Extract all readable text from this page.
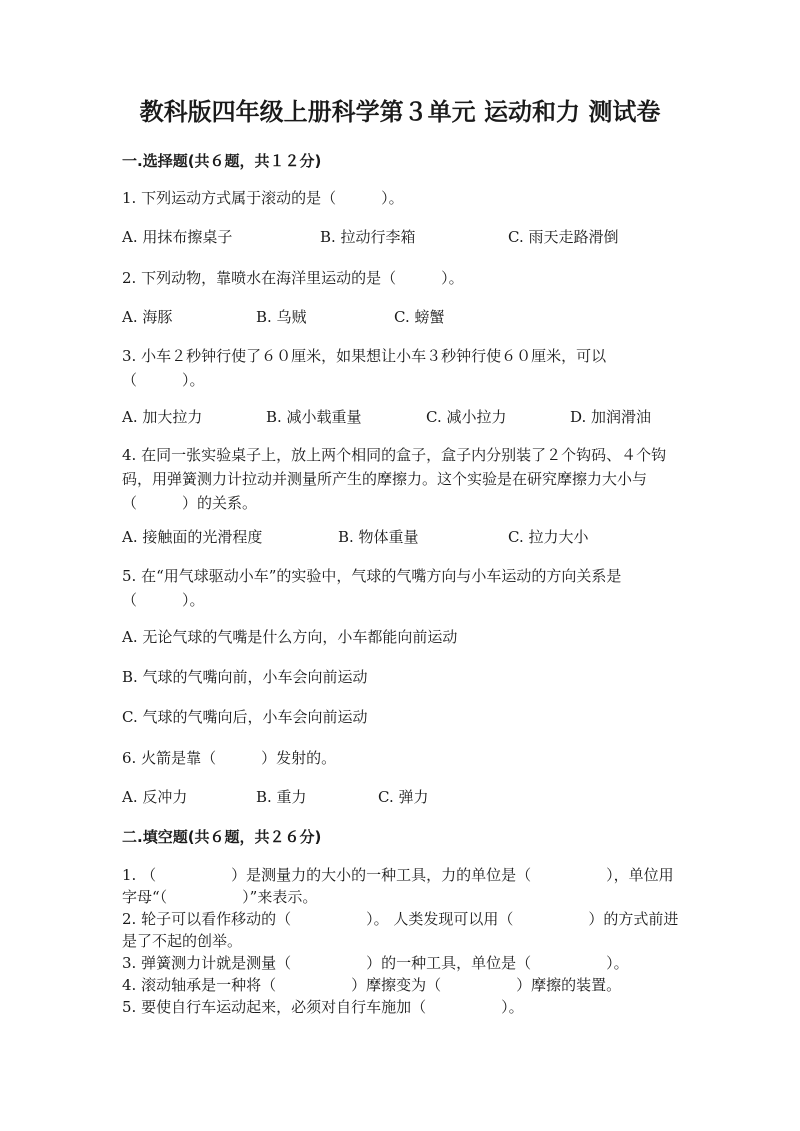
教科版四年级上册科学第３单元 运动和力 测试卷
一.选择题(共６题，共１２分)
1. 下列运动方式属于滚动的是（　　　）。
A. 用抹布擦桌子	B. 拉动行李箱	C. 雨天走路滑倒
2. 下列动物，靠喷水在海洋里运动的是（　　　）。
A. 海豚	B. 乌贼	C. 螃蟹
3. 小车２秒钟行使了６０厘米，如果想让小车３秒钟行使６０厘米，可以（　　　）。
A. 加大拉力	B. 减小载重量	C. 减小拉力	D. 加润滑油
4. 在同一张实验桌子上，放上两个相同的盒子，盒子内分别装了２个钩码、４个钩码，用弹簧测力计拉动并测量所产生的摩擦力。这个实验是在研究摩擦力大小与（　　　）的关系。
A. 接触面的光滑程度	B. 物体重量	C. 拉力大小
5. 在“用气球驱动小车”的实验中，气球的气嘴方向与小车运动的方向关系是（　　　）。
A. 无论气球的气嘴是什么方向，小车都能向前运动
B. 气球的气嘴向前，小车会向前运动
C. 气球的气嘴向后，小车会向前运动
6. 火箭是靠（　　　）发射的。
A. 反冲力	B. 重力	C. 弹力
二.填空题(共６题，共２６分)
1. （　　　　　）是测量力的大小的一种工具，力的单位是（　　　　　），单位用字母“（　　　　　）”来表示。
2. 轮子可以看作移动的（　　　　　）。 人类发现可以用（　　　　　）的方式前进是了不起的创举。
3. 弹簧测力计就是测量（　　　　　）的一种工具，单位是（　　　　　）。
4. 滚动轴承是一种将（　　　　　）摩擦变为（　　　　　）摩擦的装置。
5. 要使自行车运动起来，必须对自行车施加（　　　　　）。
